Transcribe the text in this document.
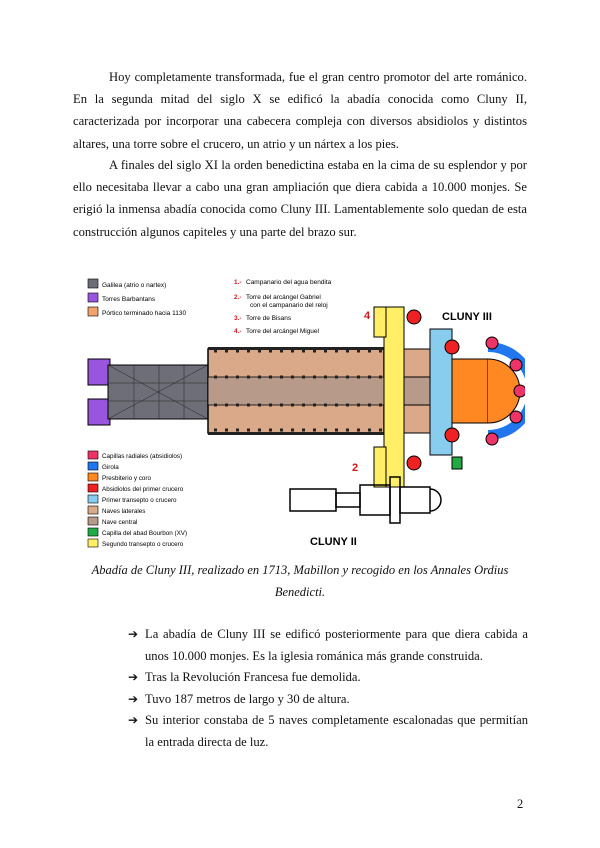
Hoy completamente transformada, fue el gran centro promotor del arte románico. En la segunda mitad del siglo X se edificó la abadía conocida como Cluny II, caracterizada por incorporar una cabecera compleja con diversos absidiolos y distintos altares, una torre sobre el crucero, un atrio y un nártex a los pies.

A finales del siglo XI la orden benedictina estaba en la cima de su esplendor y por ello necesitaba llevar a cabo una gran ampliación que diera cabida a 10.000 monjes. Se erigió la inmensa abadía conocida como Cluny III. Lamentablemente solo quedan de esta construcción algunos capiteles y una parte del brazo sur.

Galilea (atrio o nartex)
Torres Barbantans
Pórtico terminado hacia 1130
1.- Campanario del agua bendita
2.- Torre del arcángel Gabriel
con el campanario del reloj
3.- Torre de Bisans
4.- Torre del arcángel Miguel
CLUNY III
4
2
Capillas radiales (absidiolos)
Girola
Presbiterio y coro
Absidiolos del primer crucero
Primer transepto o crucero
Naves laterales
Nave central
Capilla del abad Bourbon (XV)
Segundo transepto o crucero	CLUNY II

Abadía de Cluny III, realizado en 1713, Mabillon y recogido en los Annales Ordius Benedicti.

➔ La abadía de Cluny III se edificó posteriormente para que diera cabida a unos 10.000 monjes. Es la iglesia románica más grande construida.
➔ Tras la Revolución Francesa fue demolida.
➔ Tuvo 187 metros de largo y 30 de altura.
➔ Su interior constaba de 5 naves completamente escalonadas que permitían la entrada directa de luz.
2
